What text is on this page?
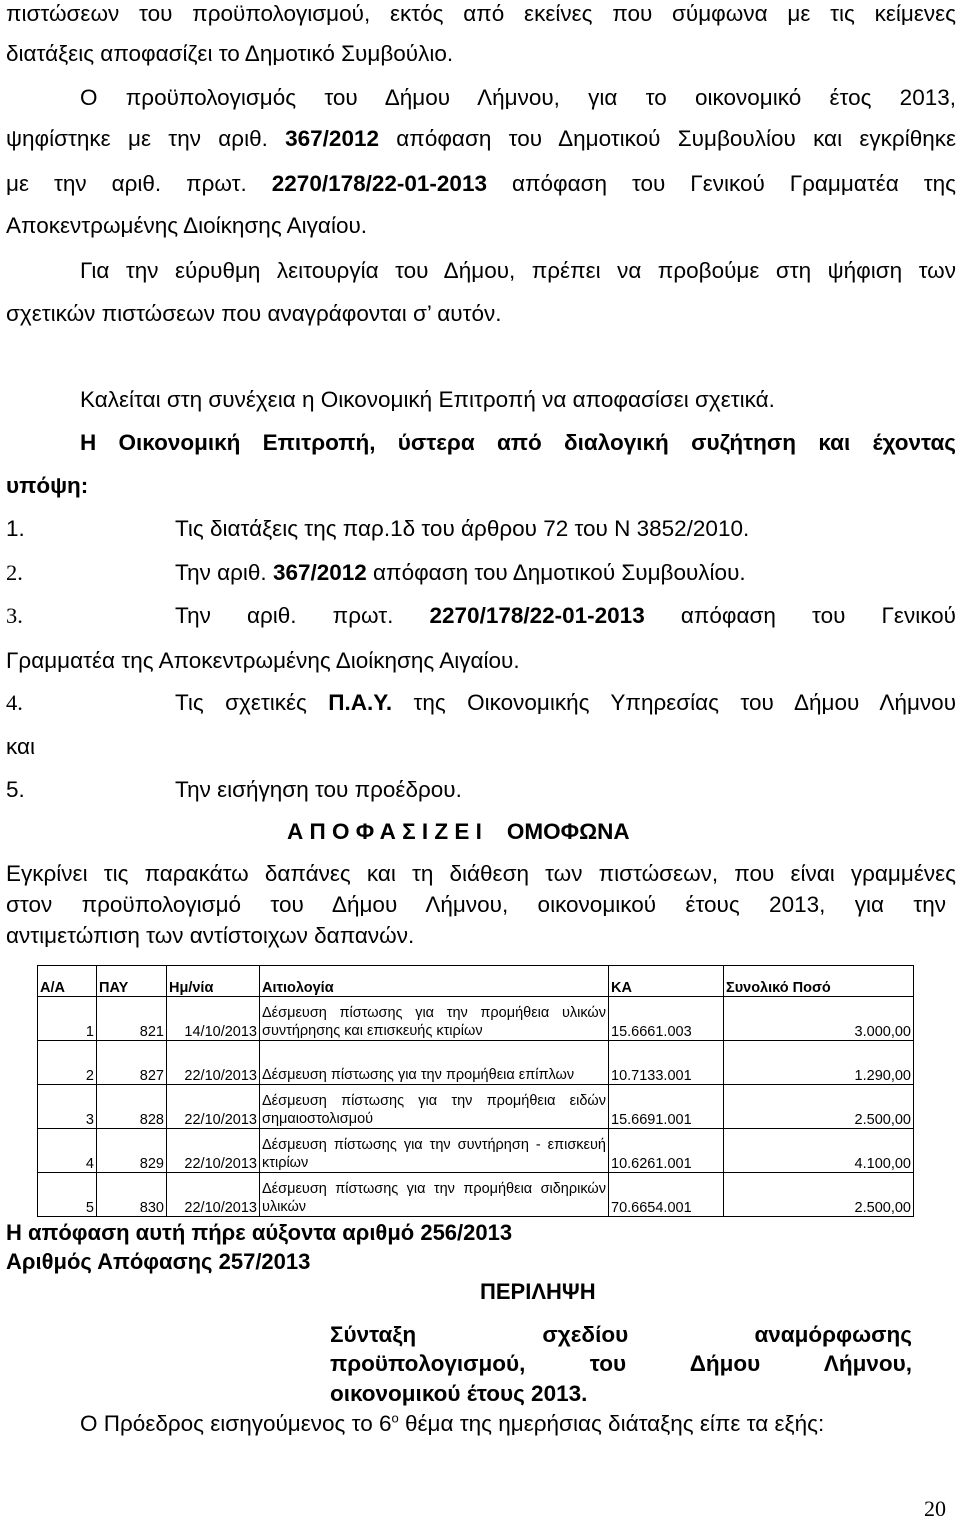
πιστώσεων του προϋπολογισμού, εκτός από εκείνες που σύμφωνα με τις κείμενες
διατάξεις αποφασίζει το Δημοτικό Συμβούλιο.
Ο προϋπολογισμός του Δήμου Λήμνου, για το οικονομικό έτος 2013,
ψηφίστηκε με την αριθ. 367/2012 απόφαση του Δημοτικού Συμβουλίου και εγκρίθηκε
με την αριθ. πρωτ. 2270/178/22-01-2013 απόφαση του Γενικού Γραμματέα της
Αποκεντρωμένης Διοίκησης Αιγαίου.
Για την εύρυθμη λειτουργία του Δήμου, πρέπει να προβούμε στη ψήφιση των
σχετικών πιστώσεων που αναγράφονται σ’ αυτόν.
Καλείται στη συνέχεια η Οικονομική Επιτροπή να αποφασίσει σχετικά.
Η Οικονομική Επιτροπή, ύστερα από διαλογική συζήτηση και έχοντας
υπόψη:
1.	Τις διατάξεις της παρ.1δ του άρθρου 72 του Ν 3852/2010.
2.	Την αριθ. 367/2012 απόφαση του Δημοτικού Συμβουλίου.
3.	Την αριθ. πρωτ. 2270/178/22-01-2013 απόφαση του Γενικού
Γραμματέα της Αποκεντρωμένης Διοίκησης Αιγαίου.
4.	Τις σχετικές Π.Α.Υ. της Οικονομικής Υπηρεσίας του Δήμου Λήμνου
και
5.	Την εισήγηση του προέδρου.
Α Π Ο Φ Α Σ Ι Ζ Ε Ι ΟΜΟΦΩΝΑ
Εγκρίνει τις παρακάτω δαπάνες και τη διάθεση των πιστώσεων, που είναι γραμμένες
στον προϋπολογισμό του Δήμου Λήμνου, οικονομικού έτους 2013, για την
αντιμετώπιση των αντίστοιχων δαπανών.
Α/Α	ΠΑΥ	Ημ/νία	Αιτιολογία	ΚΑ	Συνολικό Ποσό
1	821	14/10/2013	Δέσμευση πίστωσης για την προμήθεια υλικών συντήρησης και επισκευής κτιρίων	15.6661.003	3.000,00
2	827	22/10/2013	Δέσμευση πίστωσης για την προμήθεια επίπλων	10.7133.001	1.290,00
3	828	22/10/2013	Δέσμευση πίστωσης για την προμήθεια ειδών σημαιοστολισμού	15.6691.001	2.500,00
4	829	22/10/2013	Δέσμευση πίστωσης για την συντήρηση - επισκευή κτιρίων	10.6261.001	4.100,00
5	830	22/10/2013	Δέσμευση πίστωσης για την προμήθεια σιδηρικών υλικών	70.6654.001	2.500,00
Η απόφαση αυτή πήρε αύξοντα αριθμό 256/2013
Αριθμός Απόφασης 257/2013
ΠΕΡΙΛΗΨΗ
Σύνταξη σχεδίου αναμόρφωσης
προϋπολογισμού, του Δήμου Λήμνου,
οικονομικού έτους 2013.
Ο Πρόεδρος εισηγούμενος το $6^o$ θέμα της ημερήσιας διάταξης είπε τα εξής:
20
